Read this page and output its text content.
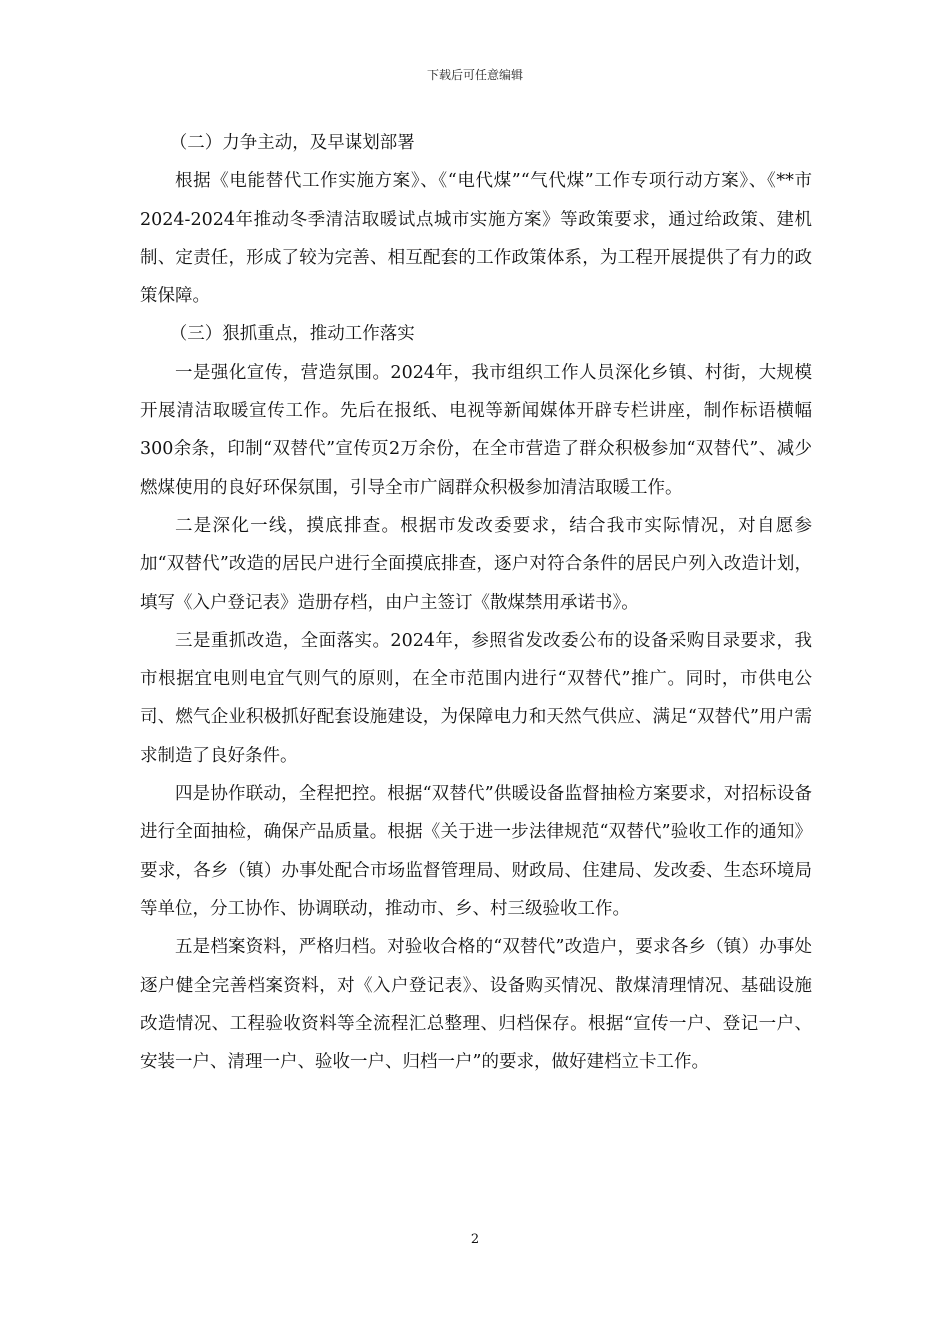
下载后可任意编辑

（二）力争主动，及早谋划部署

根据《电能替代工作实施方案》、《“电代煤”“气代煤”工作专项行动方案》、《**市2024-2024年推动冬季清洁取暖试点城市实施方案》等政策要求，通过给政策、建机制、定责任，形成了较为完善、相互配套的工作政策体系，为工程开展提供了有力的政策保障。

（三）狠抓重点，推动工作落实

一是强化宣传，营造氛围。2024年，我市组织工作人员深化乡镇、村街，大规模开展清洁取暖宣传工作。先后在报纸、电视等新闻媒体开辟专栏讲座，制作标语横幅300余条，印制“双替代”宣传页2万余份，在全市营造了群众积极参加“双替代”、减少燃煤使用的良好环保氛围，引导全市广阔群众积极参加清洁取暖工作。

二是深化一线，摸底排查。根据市发改委要求，结合我市实际情况，对自愿参加“双替代”改造的居民户进行全面摸底排查，逐户对符合条件的居民户列入改造计划，填写《入户登记表》造册存档，由户主签订《散煤禁用承诺书》。

三是重抓改造，全面落实。2024年，参照省发改委公布的设备采购目录要求，我市根据宜电则电宜气则气的原则，在全市范围内进行“双替代”推广。同时，市供电公司、燃气企业积极抓好配套设施建设，为保障电力和天然气供应、满足“双替代”用户需求制造了良好条件。

四是协作联动，全程把控。根据“双替代”供暖设备监督抽检方案要求，对招标设备进行全面抽检，确保产品质量。根据《关于进一步法律规范“双替代”验收工作的通知》要求，各乡（镇）办事处配合市场监督管理局、财政局、住建局、发改委、生态环境局等单位，分工协作、协调联动，推动市、乡、村三级验收工作。

五是档案资料，严格归档。对验收合格的“双替代”改造户，要求各乡（镇）办事处逐户健全完善档案资料，对《入户登记表》、设备购买情况、散煤清理情况、基础设施改造情况、工程验收资料等全流程汇总整理、归档保存。根据“宣传一户、登记一户、安装一户、清理一户、验收一户、归档一户”的要求，做好建档立卡工作。

2
